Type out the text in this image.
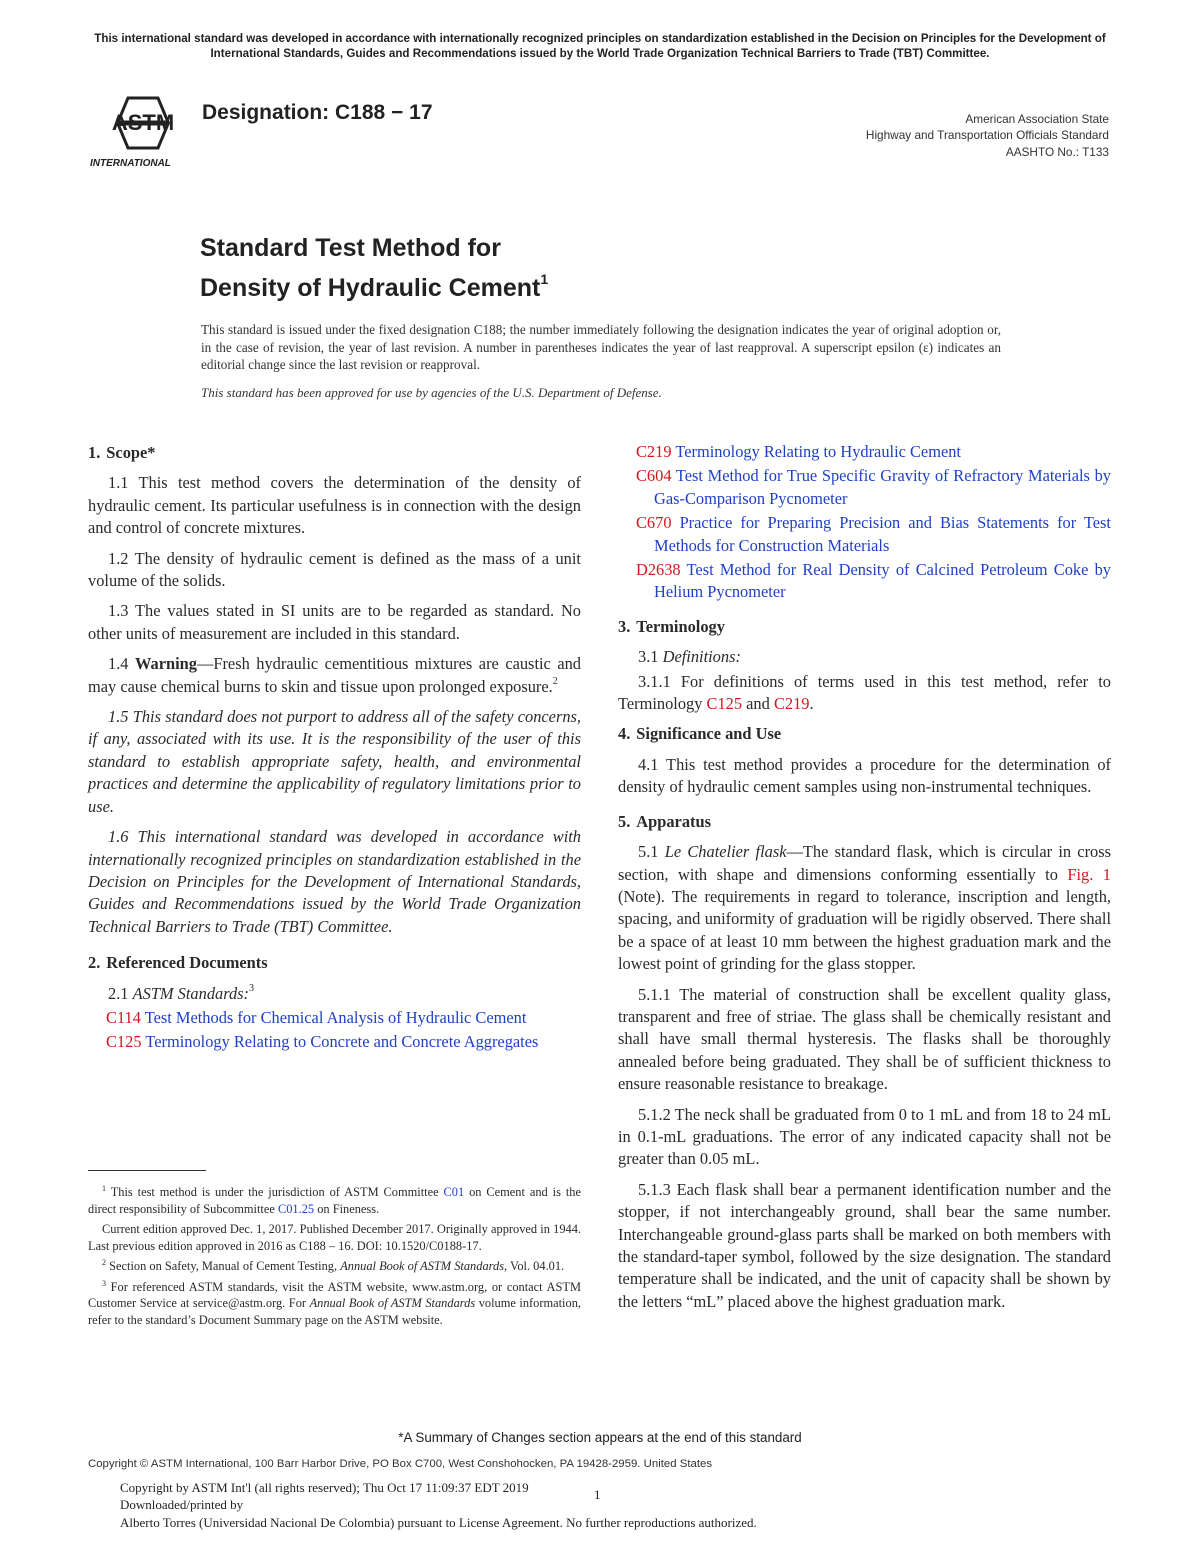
This international standard was developed in accordance with internationally recognized principles on standardization established in the Decision on Principles for the Development of International Standards, Guides and Recommendations issued by the World Trade Organization Technical Barriers to Trade (TBT) Committee.
ASTM
INTERNATIONAL
Designation: C188 − 17	American Association State
Highway and Transportation Officials Standard
AASHTO No.: T133
Standard Test Method for
Density of Hydraulic Cement$^1$
This standard is issued under the fixed designation C188; the number immediately following the designation indicates the year of original adoption or, in the case of revision, the year of last revision. A number in parentheses indicates the year of last reapproval. A superscript epsilon (ε) indicates an editorial change since the last revision or reapproval.
This standard has been approved for use by agencies of the U.S. Department of Defense.
1. Scope*

1.1 This test method covers the determination of the density of hydraulic cement. Its particular usefulness is in connection with the design and control of concrete mixtures.

1.2 The density of hydraulic cement is defined as the mass of a unit volume of the solids.

1.3 The values stated in SI units are to be regarded as standard. No other units of measurement are included in this standard.

1.4 Warning—Fresh hydraulic cementitious mixtures are caustic and may cause chemical burns to skin and tissue upon prolonged exposure.$^2$

1.5 This standard does not purport to address all of the safety concerns, if any, associated with its use. It is the responsibility of the user of this standard to establish appropriate safety, health, and environmental practices and determine the applicability of regulatory limitations prior to use.

1.6 This international standard was developed in accordance with internationally recognized principles on standardization established in the Decision on Principles for the Development of International Standards, Guides and Recommendations issued by the World Trade Organization Technical Barriers to Trade (TBT) Committee.

2. Referenced Documents

2.1 ASTM Standards:$^3$

C114 Test Methods for Chemical Analysis of Hydraulic Cement

C125 Terminology Relating to Concrete and Concrete Aggregates

$^1$ This test method is under the jurisdiction of ASTM Committee C01 on Cement and is the direct responsibility of Subcommittee C01.25 on Fineness.

Current edition approved Dec. 1, 2017. Published December 2017. Originally approved in 1944. Last previous edition approved in 2016 as C188 – 16. DOI: 10.1520/C0188-17.

$^2$ Section on Safety, Manual of Cement Testing, Annual Book of ASTM Standards, Vol. 04.01.

$^3$ For referenced ASTM standards, visit the ASTM website, www.astm.org, or contact ASTM Customer Service at service@astm.org. For Annual Book of ASTM Standards volume information, refer to the standard’s Document Summary page on the ASTM website.

C219 Terminology Relating to Hydraulic Cement

C604 Test Method for True Specific Gravity of Refractory Materials by Gas-Comparison Pycnometer

C670 Practice for Preparing Precision and Bias Statements for Test Methods for Construction Materials

D2638 Test Method for Real Density of Calcined Petroleum Coke by Helium Pycnometer

3. Terminology

3.1 Definitions:

3.1.1 For definitions of terms used in this test method, refer to Terminology C125 and C219.

4. Significance and Use

4.1 This test method provides a procedure for the determination of density of hydraulic cement samples using non-instrumental techniques.

5. Apparatus

5.1 Le Chatelier flask—The standard flask, which is circular in cross section, with shape and dimensions conforming essentially to Fig. 1 (Note). The requirements in regard to tolerance, inscription and length, spacing, and uniformity of graduation will be rigidly observed. There shall be a space of at least 10 mm between the highest graduation mark and the lowest point of grinding for the glass stopper.

5.1.1 The material of construction shall be excellent quality glass, transparent and free of striae. The glass shall be chemically resistant and shall have small thermal hysteresis. The flasks shall be thoroughly annealed before being graduated. They shall be of sufficient thickness to ensure reasonable resistance to breakage.

5.1.2 The neck shall be graduated from 0 to 1 mL and from 18 to 24 mL in 0.1-mL graduations. The error of any indicated capacity shall not be greater than 0.05 mL.

5.1.3 Each flask shall bear a permanent identification number and the stopper, if not interchangeably ground, shall bear the same number. Interchangeable ground-glass parts shall be marked on both members with the standard-taper symbol, followed by the size designation. The standard temperature shall be indicated, and the unit of capacity shall be shown by the letters “mL” placed above the highest graduation mark.

*A Summary of Changes section appears at the end of this standard
Copyright © ASTM International, 100 Barr Harbor Drive, PO Box C700, West Conshohocken, PA 19428-2959. United States
Copyright by ASTM Int'l (all rights reserved); Thu Oct 17 11:09:37 EDT 2019
Downloaded/printed by
1
Alberto Torres (Universidad Nacional De Colombia) pursuant to License Agreement. No further reproductions authorized.
